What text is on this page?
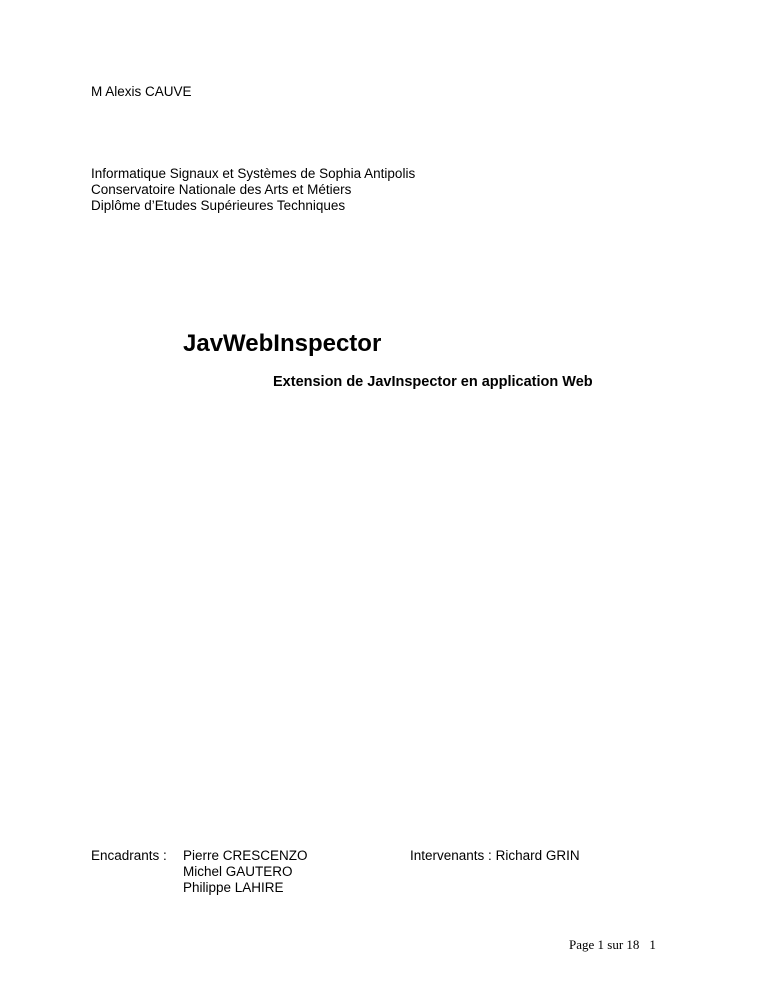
M Alexis CAUVE
Informatique Signaux et Systèmes de Sophia Antipolis
Conservatoire Nationale des Arts et Métiers
Diplôme d’Etudes Supérieures Techniques
JavWebInspector
Extension de JavInspector en application Web
Encadrants : Pierre CRESCENZO
Michel GAUTERO
Philippe LAHIRE
Intervenants : Richard GRIN
Page 1 sur 18 1
